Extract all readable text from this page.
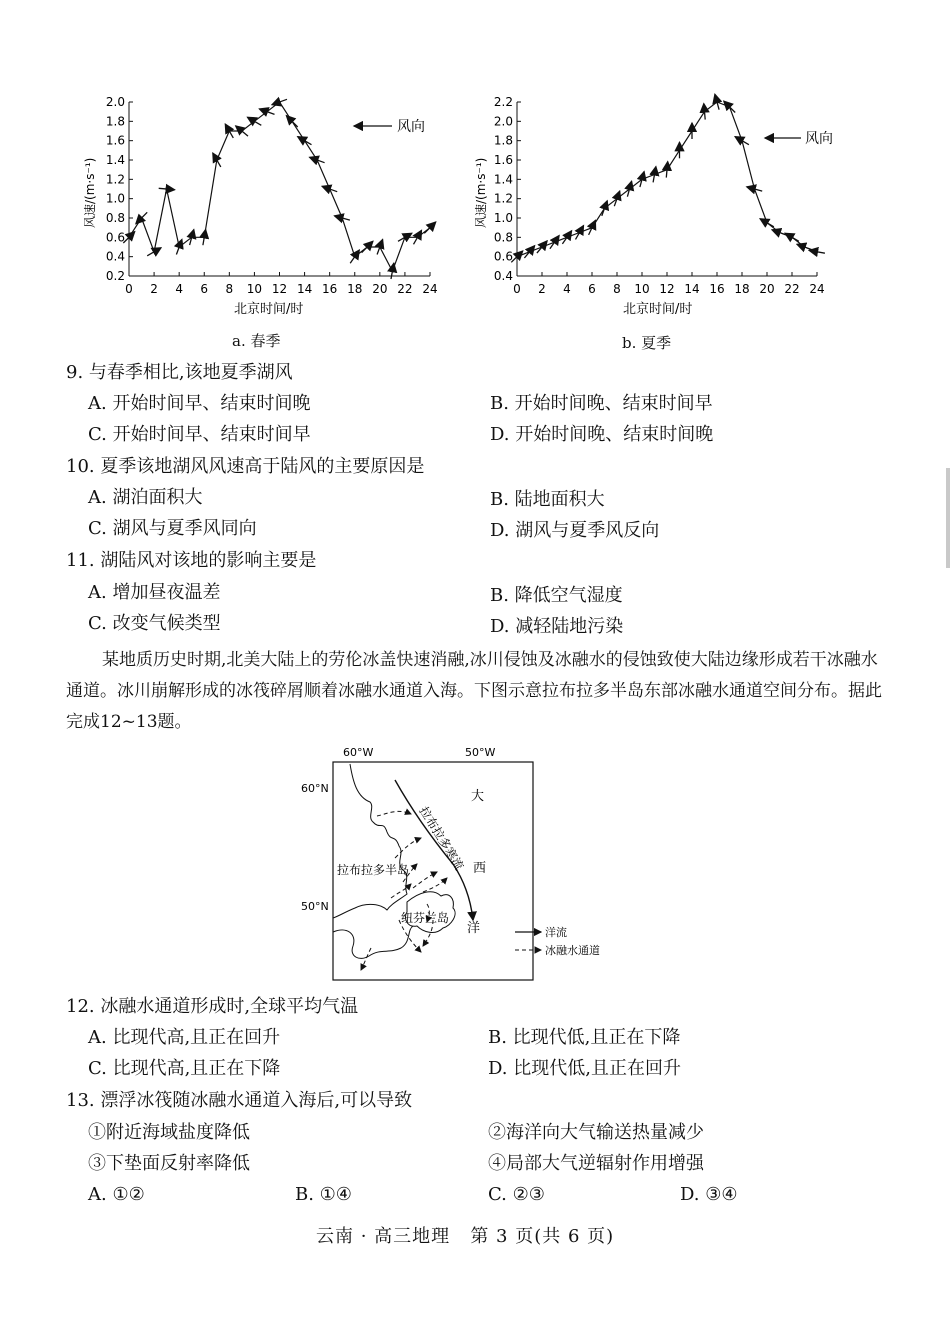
0.2
0.4
0.6
0.8
1.0
1.2
1.4
1.6
1.8
2.0
0 2 4 6 8 10 12 14 16 18 20 22 24
风速/(m·s⁻¹)
北京时间/时
风向
a. 春季
0.4
0.6
0.8
1.0
1.2
1.4
1.6
1.8
2.0
2.2
0 2 4 6 8 10 12 14 16 18 20 22 24
风速/(m·s⁻¹)
北京时间/时
风向
b. 夏季
9. 与春季相比,该地夏季湖风
A. 开始时间早、结束时间晚	B. 开始时间晚、结束时间早
C. 开始时间早、结束时间早	D. 开始时间晚、结束时间晚
10. 夏季该地湖风风速高于陆风的主要原因是
A. 湖泊面积大	B. 陆地面积大
C. 湖风与夏季风同向	D. 湖风与夏季风反向
11. 湖陆风对该地的影响主要是
A. 增加昼夜温差	B. 降低空气湿度
C. 改变气候类型	D. 减轻陆地污染
某地质历史时期,北美大陆上的劳伦冰盖快速消融,冰川侵蚀及冰融水的侵蚀致使大陆边缘形成若干冰融水通道。冰川崩解形成的冰筏碎屑顺着冰融水通道入海。下图示意拉布拉多半岛东部冰融水通道空间分布。据此完成12~13题。
60°W	50°W
60°N
50°N
拉布拉多半岛 拉布拉多寒流
纽芬兰岛
大
西
洋	洋流
冰融水通道
12. 冰融水通道形成时,全球平均气温
A. 比现代高,且正在回升	B. 比现代低,且正在下降
C. 比现代高,且正在下降	D. 比现代低,且正在回升
13. 漂浮冰筏随冰融水通道入海后,可以导致
①附近海域盐度降低	②海洋向大气输送热量减少
③下垫面反射率降低	④局部大气逆辐射作用增强
A. ①②	B. ①④	C. ②③	D. ③④
云南 · 高三地理   第 3 页(共 6 页)
